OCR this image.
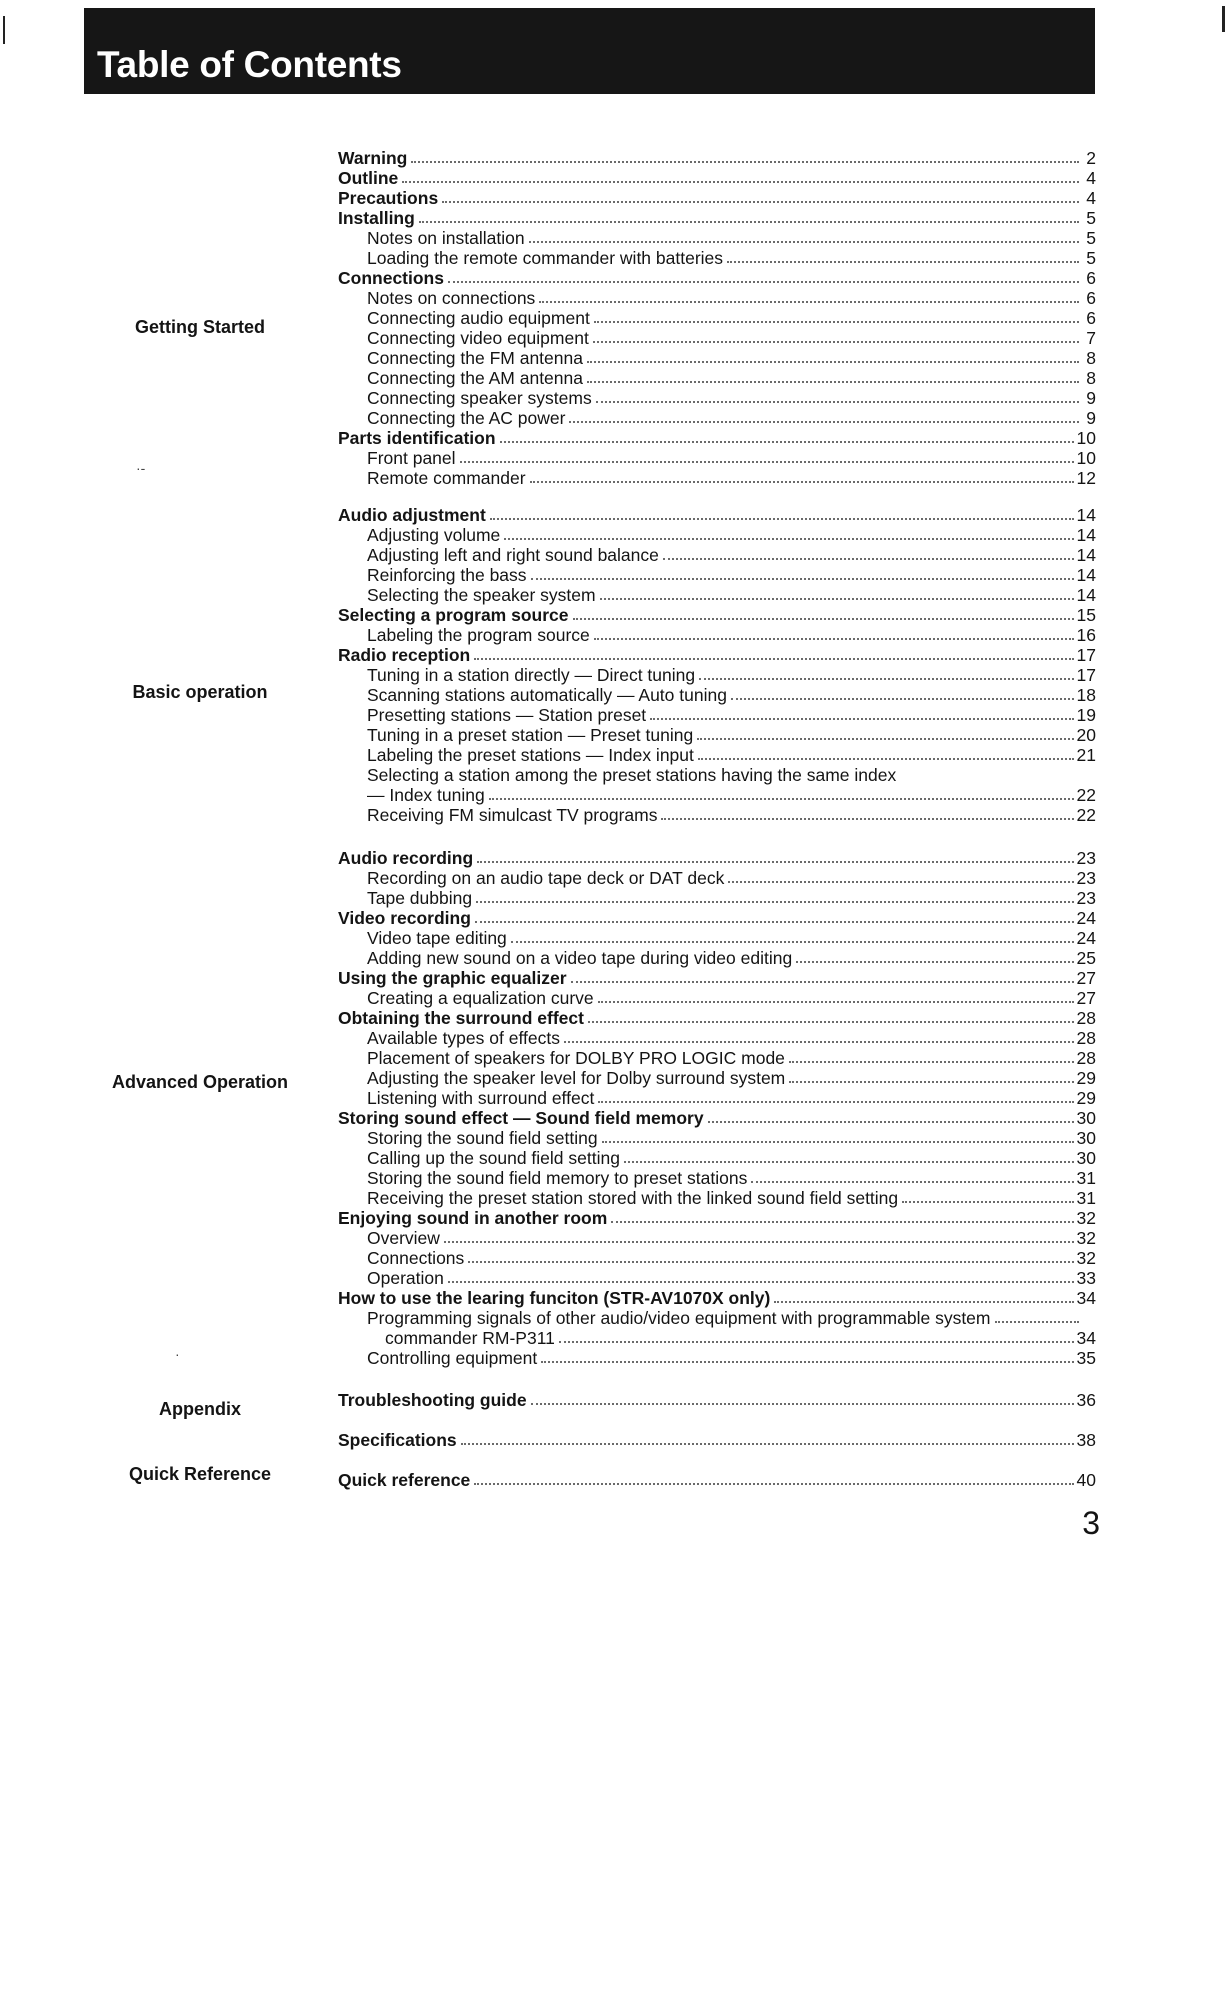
Table of Contents
·-
·
Getting Started
Basic operation
Advanced Operation
Appendix
Quick Reference
Warning	2
Outline	4
Precautions	4
Installing	5
Notes on installation	5
Loading the remote commander with batteries	5
Connections	6
Notes on connections	6
Connecting audio equipment	6
Connecting video equipment	7
Connecting the FM antenna	8
Connecting the AM antenna	8
Connecting speaker systems	9
Connecting the AC power	9
Parts identification	10
Front panel	10
Remote commander	12
Audio adjustment	14
Adjusting volume	14
Adjusting left and right sound balance	14
Reinforcing the bass	14
Selecting the speaker system	14
Selecting a program source	15
Labeling the program source	16
Radio reception	17
Tuning in a station directly — Direct tuning	17
Scanning stations automatically — Auto tuning	18
Presetting stations — Station preset	19
Tuning in a preset station — Preset tuning	20
Labeling the preset stations — Index input	21
Selecting a station among the preset stations having the same index
— Index tuning	22
Receiving FM simulcast TV programs	22
Audio recording	23
Recording on an audio tape deck or DAT deck	23
Tape dubbing	23
Video recording	24
Video tape editing	24
Adding new sound on a video tape during video editing	25
Using the graphic equalizer	27
Creating a equalization curve	27
Obtaining the surround effect	28
Available types of effects	28
Placement of speakers for DOLBY PRO LOGIC mode	28
Adjusting the speaker level for Dolby surround system	29
Listening with surround effect	29
Storing sound effect — Sound field memory	30
Storing the sound field setting	30
Calling up the sound field setting	30
Storing the sound field memory to preset stations	31
Receiving the preset station stored with the linked sound field setting	31
Enjoying sound in another room	32
Overview	32
Connections	32
Operation	33
How to use the learing funciton (STR-AV1070X only)	34
Programming signals of other audio/video equipment with programmable system
commander RM-P311	34
Controlling equipment	35
Troubleshooting guide	36
Specifications	38
Quick reference	40
3
